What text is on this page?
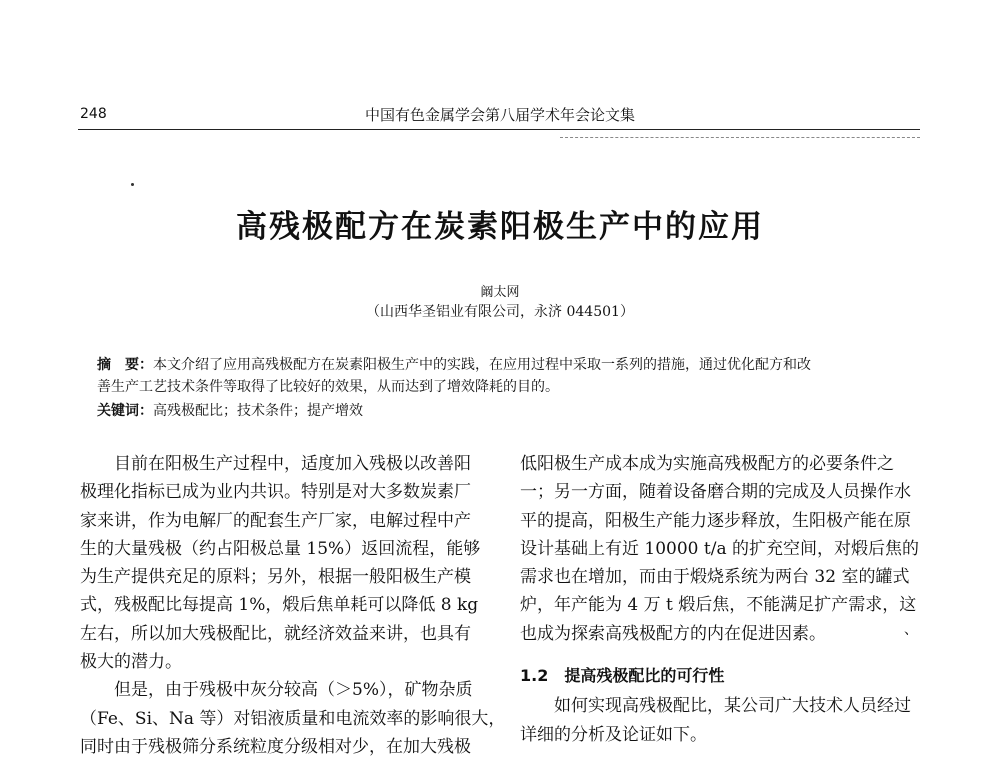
248	中国有色金属学会第八届学术年会论文集
高残极配方在炭素阳极生产中的应用
阚太网
（山西华圣铝业有限公司，永济 044501）
摘　要：本文介绍了应用高残极配方在炭素阳极生产中的实践，在应用过程中采取一系列的措施，通过优化配方和改
善生产工艺技术条件等取得了比较好的效果，从而达到了增效降耗的目的。
关键词：高残极配比；技术条件；提产增效
目前在阳极生产过程中，适度加入残极以改善阳
极理化指标已成为业内共识。特别是对大多数炭素厂
家来讲，作为电解厂的配套生产厂家，电解过程中产
生的大量残极（约占阳极总量 15%）返回流程，能够
为生产提供充足的原料；另外，根据一般阳极生产模
式，残极配比每提高 1%，煅后焦单耗可以降低 8 kg
左右，所以加大残极配比，就经济效益来讲，也具有
极大的潜力。
但是，由于残极中灰分较高（＞5%），矿物杂质
（Fe、Si、Na 等）对铝液质量和电流效率的影响很大，
同时由于残极筛分系统粒度分级相对少，在加大残极
低阳极生产成本成为实施高残极配方的必要条件之
一；另一方面，随着设备磨合期的完成及人员操作水
平的提高，阳极生产能力逐步释放，生阳极产能在原
设计基础上有近 10000 t/a 的扩充空间，对煅后焦的
需求也在增加，而由于煅烧系统为两台 32 室的罐式
炉，年产能为 4 万 t 煅后焦，不能满足扩产需求，这
也成为探索高残极配方的内在促进因素。
1.2　提高残极配比的可行性
如何实现高残极配比，某公司广大技术人员经过
详细的分析及论证如下。
、
